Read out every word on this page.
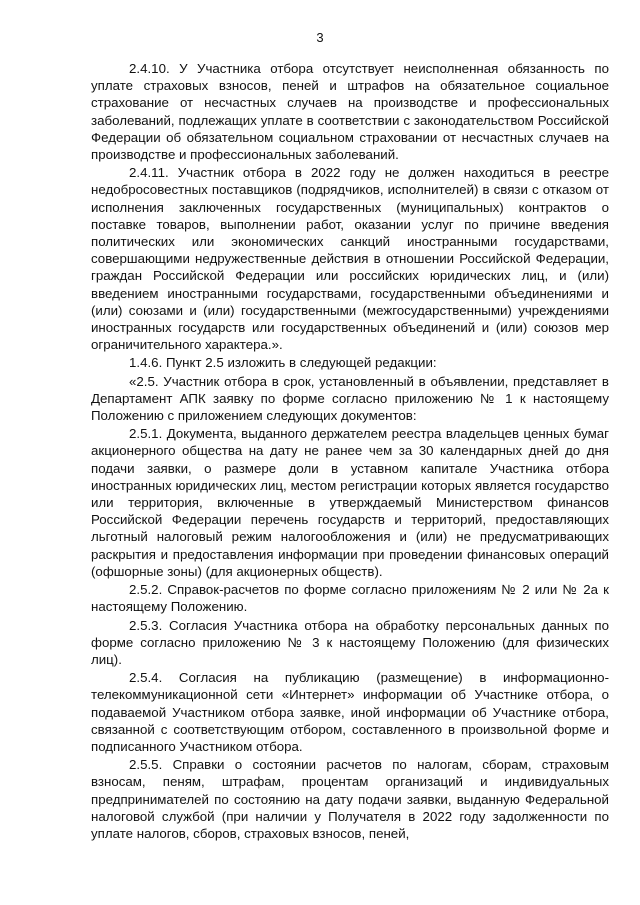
3

2.4.10. У Участника отбора отсутствует неисполненная обязанность по уплате страховых взносов, пеней и штрафов на обязательное социальное страхование от несчастных случаев на производстве и профессиональных заболеваний, подлежащих уплате в соответствии с законодательством Российской Федерации об обязательном социальном страховании от несчастных случаев на производстве и профессиональных заболеваний.

2.4.11. Участник отбора в 2022 году не должен находиться в реестре недобросовестных поставщиков (подрядчиков, исполнителей) в связи с отказом от исполнения заключенных государственных (муниципальных) контрактов о поставке товаров, выполнении работ, оказании услуг по причине введения политических или экономических санкций иностранными государствами, совершающими недружественные действия в отношении Российской Федерации, граждан Российской Федерации или российских юридических лиц, и (или) введением иностранными государствами, государственными объединениями и (или) союзами и (или) государственными (межгосударственными) учреждениями иностранных государств или государственных объединений и (или) союзов мер ограничительного характера.».

1.4.6. Пункт 2.5 изложить в следующей редакции:

«2.5. Участник отбора в срок, установленный в объявлении, представляет в Департамент АПК заявку по форме согласно приложению № 1 к настоящему Положению с приложением следующих документов:

2.5.1. Документа, выданного держателем реестра владельцев ценных бумаг акционерного общества на дату не ранее чем за 30 календарных дней до дня подачи заявки, о размере доли в уставном капитале Участника отбора иностранных юридических лиц, местом регистрации которых является государство или территория, включенные в утверждаемый Министерством финансов Российской Федерации перечень государств и территорий, предоставляющих льготный налоговый режим налогообложения и (или) не предусматривающих раскрытия и предоставления информации при проведении финансовых операций (офшорные зоны) (для акционерных обществ).

2.5.2. Справок-расчетов по форме согласно приложениям № 2 или № 2а к настоящему Положению.

2.5.3. Согласия Участника отбора на обработку персональных данных по форме согласно приложению № 3 к настоящему Положению (для физических лиц).

2.5.4. Согласия на публикацию (размещение) в информационно-телекоммуникационной сети «Интернет» информации об Участнике отбора, о подаваемой Участником отбора заявке, иной информации об Участнике отбора, связанной с соответствующим отбором, составленного в произвольной форме и подписанного Участником отбора.

2.5.5. Справки о состоянии расчетов по налогам, сборам, страховым взносам, пеням, штрафам, процентам организаций и индивидуальных предпринимателей по состоянию на дату подачи заявки, выданную Федеральной налоговой службой (при наличии у Получателя в 2022 году задолженности по уплате налогов, сборов, страховых взносов, пеней,
